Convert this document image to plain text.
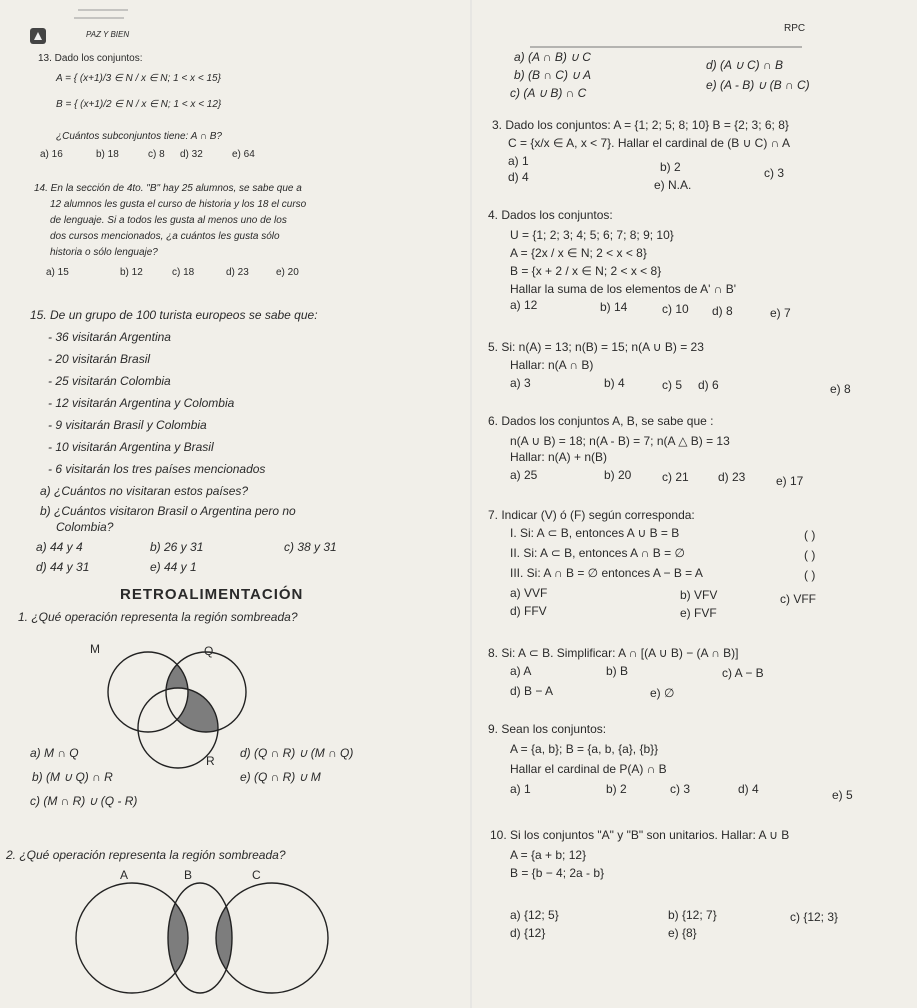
PAZ Y BIEN
RPC
13. Dado los conjuntos:
A = { (x+1)/3 ∈ N / x ∈ N; 1 < x < 15}
B = { (x+1)/2 ∈ N / x ∈ N; 1 < x < 12}
¿Cuántos subconjuntos tiene: A ∩ B?
a) 16	b) 18	c) 8 d) 32	e) 64
14. En la sección de 4to. "B" hay 25 alumnos, se sabe que a
12 alumnos les gusta el curso de historia y los 18 el curso
de lenguaje. Si a todos les gusta al menos uno de los
dos cursos mencionados, ¿a cuántos les gusta sólo
historia o sólo lenguaje?
a) 15	b) 12	c) 18	d) 23	e) 20
15. De un grupo de 100 turista europeos se sabe que:
- 36 visitarán Argentina
- 20 visitarán Brasil
- 25 visitarán Colombia
- 12 visitarán Argentina y Colombia
- 9 visitarán Brasil y Colombia
- 10 visitarán Argentina y Brasil
- 6 visitarán los tres países mencionados
a) ¿Cuántos no visitaran estos países?
b) ¿Cuántos visitaron Brasil o Argentina pero no
Colombia?
a) 44 y 4	b) 26 y 31	c) 38 y 31
d) 44 y 31	e) 44 y 1
RETROALIMENTACIÓN
1. ¿Qué operación representa la región sombreada?
M	Q
R
a) M ∩ Q
b) (M ∪ Q) ∩ R
c) (M ∩ R) ∪ (Q - R)
d) (Q ∩ R) ∪ (M ∩ Q)
e) (Q ∩ R) ∪ M
2. ¿Qué operación representa la región sombreada?
A	B	C
a) (A ∩ B) ∪ C
d) (A ∪ C) ∩ B
b) (B ∩ C) ∪ A
e) (A - B) ∪ (B ∩ C)
c) (A ∪ B) ∩ C
3. Dado los conjuntos: A = {1; 2; 5; 8; 10} B = {2; 3; 6; 8}
C = {x/x ∈ A, x < 7}. Hallar el cardinal de (B ∪ C) ∩ A
a) 1	b) 2	c) 3
d) 4
e) N.A.
4. Dados los conjuntos:
U = {1; 2; 3; 4; 5; 6; 7; 8; 9; 10}
A = {2x / x ∈ N; 2 < x < 8}
B = {x + 2 / x ∈ N; 2 < x < 8}
Hallar la suma de los elementos de A' ∩ B'
a) 12	b) 14	c) 10 d) 8	e) 7
5. Si: n(A) = 13; n(B) = 15; n(A ∪ B) = 23
Hallar: n(A ∩ B)
a) 3	b) 4	c) 5 d) 6	e) 8
6. Dados los conjuntos A, B, se sabe que :
n(A ∪ B) = 18; n(A - B) = 7; n(A △ B) = 13
Hallar: n(A) + n(B)
a) 25	b) 20	c) 21 d) 23	e) 17
7. Indicar (V) ó (F) según corresponda:
I. Si: A ⊂ B, entonces A ∪ B = B
II. Si: A ⊂ B, entonces A ∩ B = ∅
III. Si: A ∩ B = ∅ entonces A − B = A
( )
( )
( )
a) VVF	b) VFV	c) VFF
d) FFV	e) FVF
8. Si: A ⊂ B. Simplificar: A ∩ [(A ∪ B) − (A ∩ B)]
a) A	b) B	c) A − B
d) B − A	e) ∅
9. Sean los conjuntos:
A = {a, b}; B = {a, b, {a}, {b}}
Hallar el cardinal de P(A) ∩ B
a) 1	b) 2	c) 3	d) 4	e) 5
10. Si los conjuntos "A" y "B" son unitarios. Hallar: A ∪ B
A = {a + b; 12}
B = {b − 4; 2a - b}
a) {12; 5}	b) {12; 7}	c) {12; 3}
d) {12}	e) {8}
